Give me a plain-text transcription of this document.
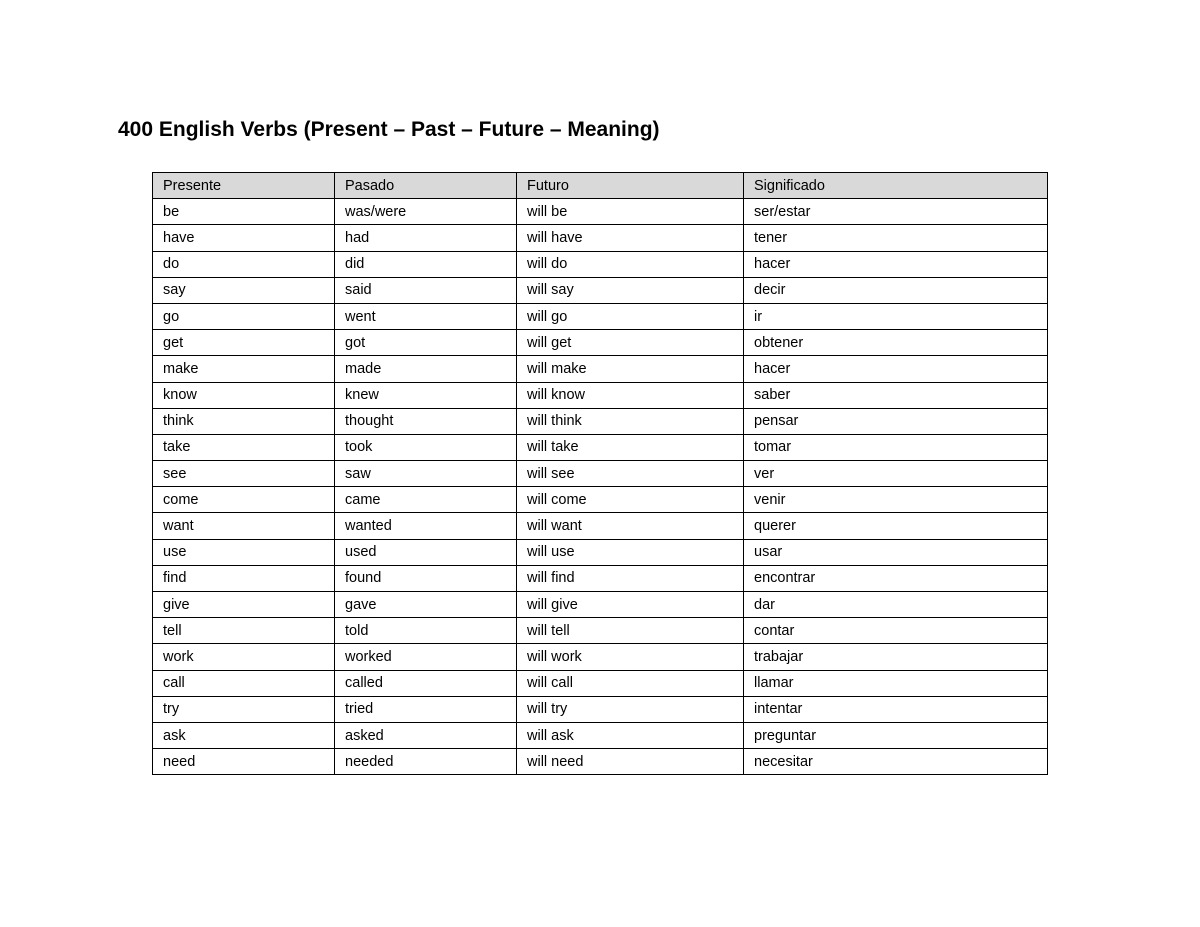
400 English Verbs (Present – Past – Future – Meaning)
Presente	Pasado	Futuro	Significado
be	was/were	will be	ser/estar
have	had	will have	tener
do	did	will do	hacer
say	said	will say	decir
go	went	will go	ir
get	got	will get	obtener
make	made	will make	hacer
know	knew	will know	saber
think	thought	will think	pensar
take	took	will take	tomar
see	saw	will see	ver
come	came	will come	venir
want	wanted	will want	querer
use	used	will use	usar
find	found	will find	encontrar
give	gave	will give	dar
tell	told	will tell	contar
work	worked	will work	trabajar
call	called	will call	llamar
try	tried	will try	intentar
ask	asked	will ask	preguntar
need	needed	will need	necesitar
